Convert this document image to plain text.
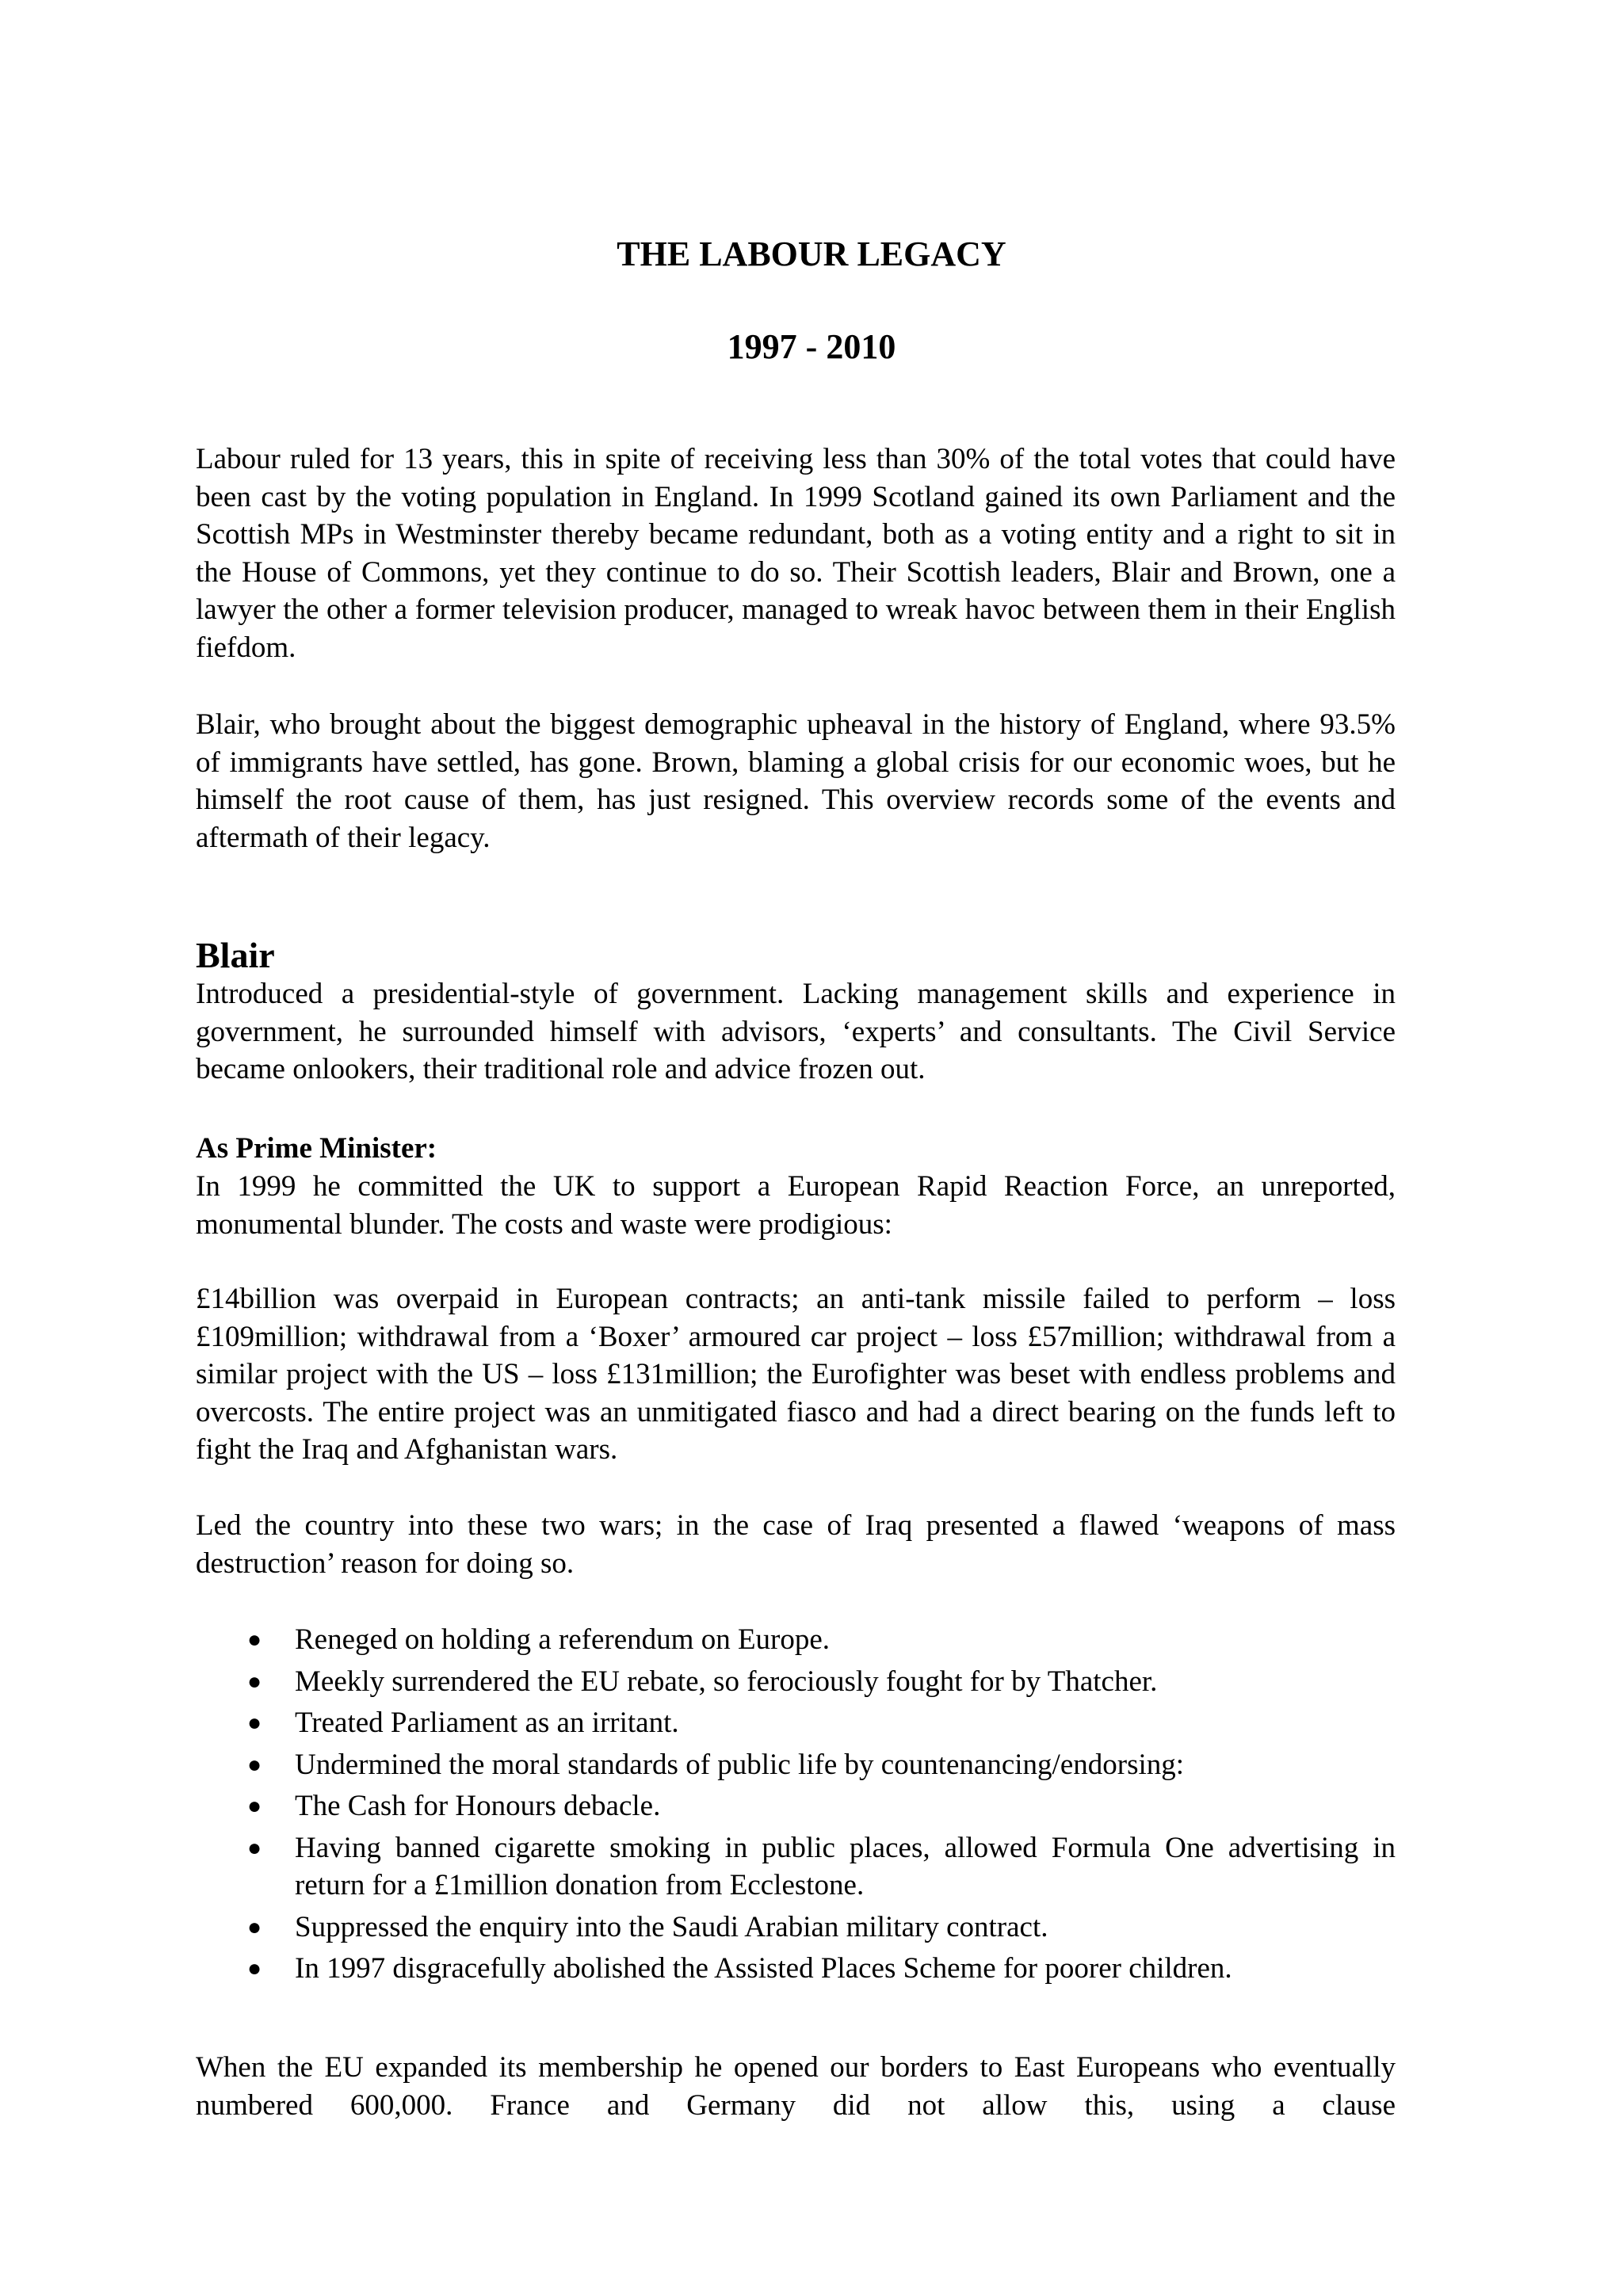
THE LABOUR LEGACY
1997 - 2010

Labour ruled for 13 years, this in spite of receiving less than 30% of the total votes that could have been cast by the voting population in England. In 1999 Scotland gained its own Parliament and the Scottish MPs in Westminster thereby became redundant, both as a voting entity and a right to sit in the House of Commons, yet they continue to do so. Their Scottish leaders, Blair and Brown, one a lawyer the other a former television producer, managed to wreak havoc between them in their English fiefdom.

Blair, who brought about the biggest demographic upheaval in the history of England, where 93.5% of immigrants have settled, has gone. Brown, blaming a global crisis for our economic woes, but he himself the root cause of them, has just resigned. This overview records some of the events and aftermath of their legacy.

Blair

Introduced a presidential-style of government. Lacking management skills and experience in government, he surrounded himself with advisors, ‘experts’ and consultants. The Civil Service became onlookers, their traditional role and advice frozen out.

As Prime Minister:

In 1999 he committed the UK to support a European Rapid Reaction Force, an unreported, monumental blunder. The costs and waste were prodigious:

£14billion was overpaid in European contracts; an anti-tank missile failed to perform – loss £109million; withdrawal from a ‘Boxer’ armoured car project – loss £57million; withdrawal from a similar project with the US – loss £131million; the Eurofighter was beset with endless problems and overcosts. The entire project was an unmitigated fiasco and had a direct bearing on the funds left to fight the Iraq and Afghanistan wars.

Led the country into these two wars; in the case of Iraq presented a flawed ‘weapons of mass destruction’ reason for doing so.

● Reneged on holding a referendum on Europe.
● Meekly surrendered the EU rebate, so ferociously fought for by Thatcher.
● Treated Parliament as an irritant.
● Undermined the moral standards of public life by countenancing/endorsing:
● The Cash for Honours debacle.
● Having banned cigarette smoking in public places, allowed Formula One advertising in return for a £1million donation from Ecclestone.
● Suppressed the enquiry into the Saudi Arabian military contract.
● In 1997 disgracefully abolished the Assisted Places Scheme for poorer children.

When the EU expanded its membership he opened our borders to East Europeans who eventually numbered 600,000. France and Germany did not allow this, using a clause
